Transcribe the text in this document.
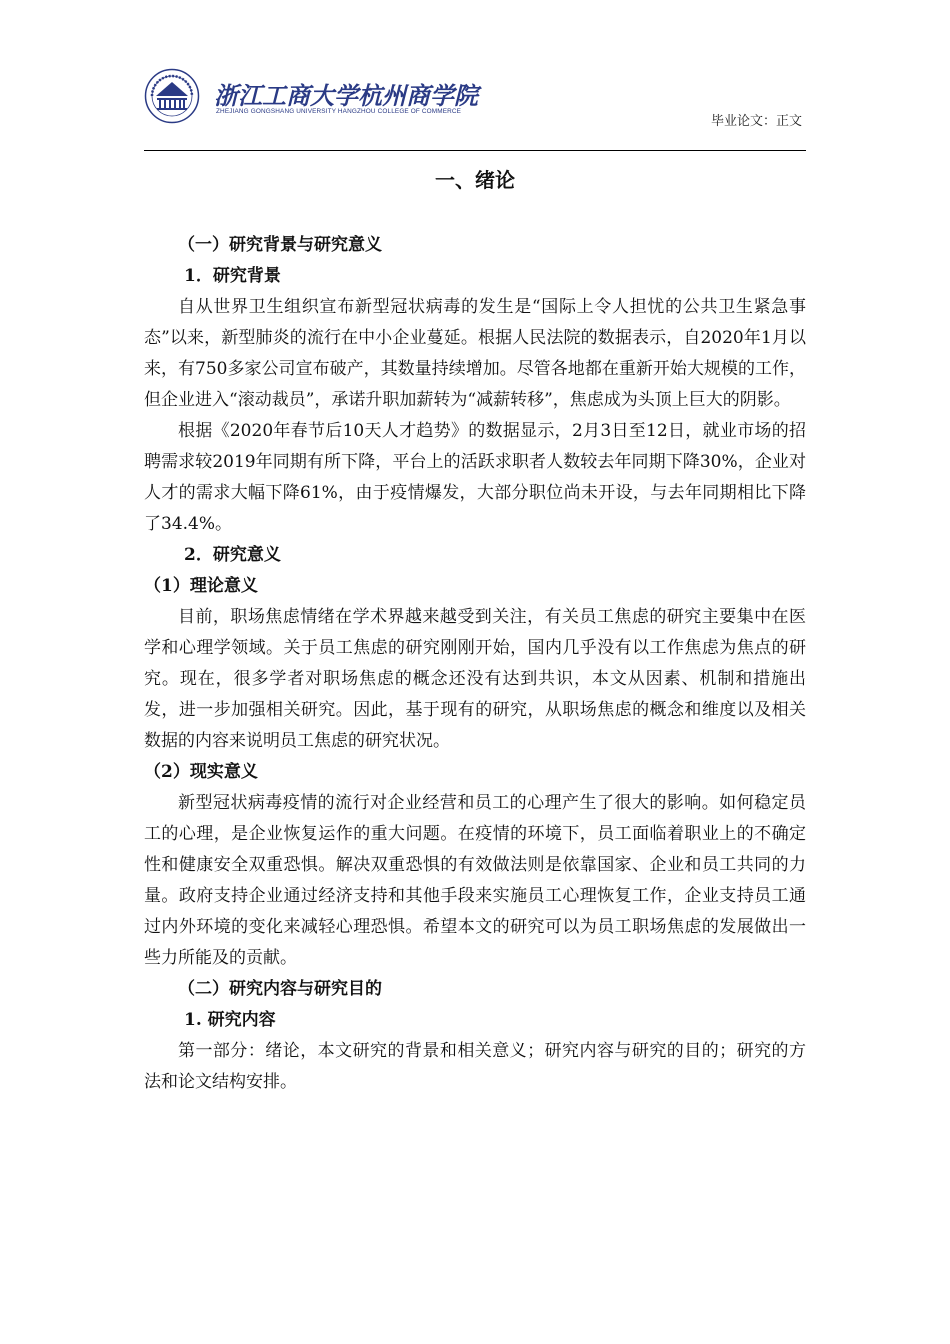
浙江工商大学杭州商学院
ZHEJIANG GONGSHANG UNIVERSITY HANGZHOU COLLEGE OF COMMERCE
毕业论文：正文
一、绪论

（一）研究背景与研究意义

1．研究背景

自从世界卫生组织宣布新型冠状病毒的发生是“国际上令人担忧的公共卫生紧急事态”以来，新型肺炎的流行在中小企业蔓延。根据人民法院的数据表示，自2020年1月以来，有750多家公司宣布破产，其数量持续增加。尽管各地都在重新开始大规模的工作，但企业进入“滚动裁员”，承诺升职加薪转为“减薪转移”，焦虑成为头顶上巨大的阴影。

根据《2020年春节后10天人才趋势》的数据显示，2月3日至12日，就业市场的招聘需求较2019年同期有所下降，平台上的活跃求职者人数较去年同期下降30%，企业对人才的需求大幅下降61%，由于疫情爆发，大部分职位尚未开设，与去年同期相比下降了34.4%。

2．研究意义

（1）理论意义

目前，职场焦虑情绪在学术界越来越受到关注，有关员工焦虑的研究主要集中在医学和心理学领域。关于员工焦虑的研究刚刚开始，国内几乎没有以工作焦虑为焦点的研究。现在，很多学者对职场焦虑的概念还没有达到共识，本文从因素、机制和措施出发，进一步加强相关研究。因此，基于现有的研究，从职场焦虑的概念和维度以及相关数据的内容来说明员工焦虑的研究状况。

（2）现实意义

新型冠状病毒疫情的流行对企业经营和员工的心理产生了很大的影响。如何稳定员工的心理，是企业恢复运作的重大问题。在疫情的环境下，员工面临着职业上的不确定性和健康安全双重恐惧。解决双重恐惧的有效做法则是依靠国家、企业和员工共同的力量。政府支持企业通过经济支持和其他手段来实施员工心理恢复工作，企业支持员工通过内外环境的变化来减轻心理恐惧。希望本文的研究可以为员工职场焦虑的发展做出一些力所能及的贡献。

（二）研究内容与研究目的

1. 研究内容

第一部分：绪论，本文研究的背景和相关意义；研究内容与研究的目的；研究的方法和论文结构安排。
